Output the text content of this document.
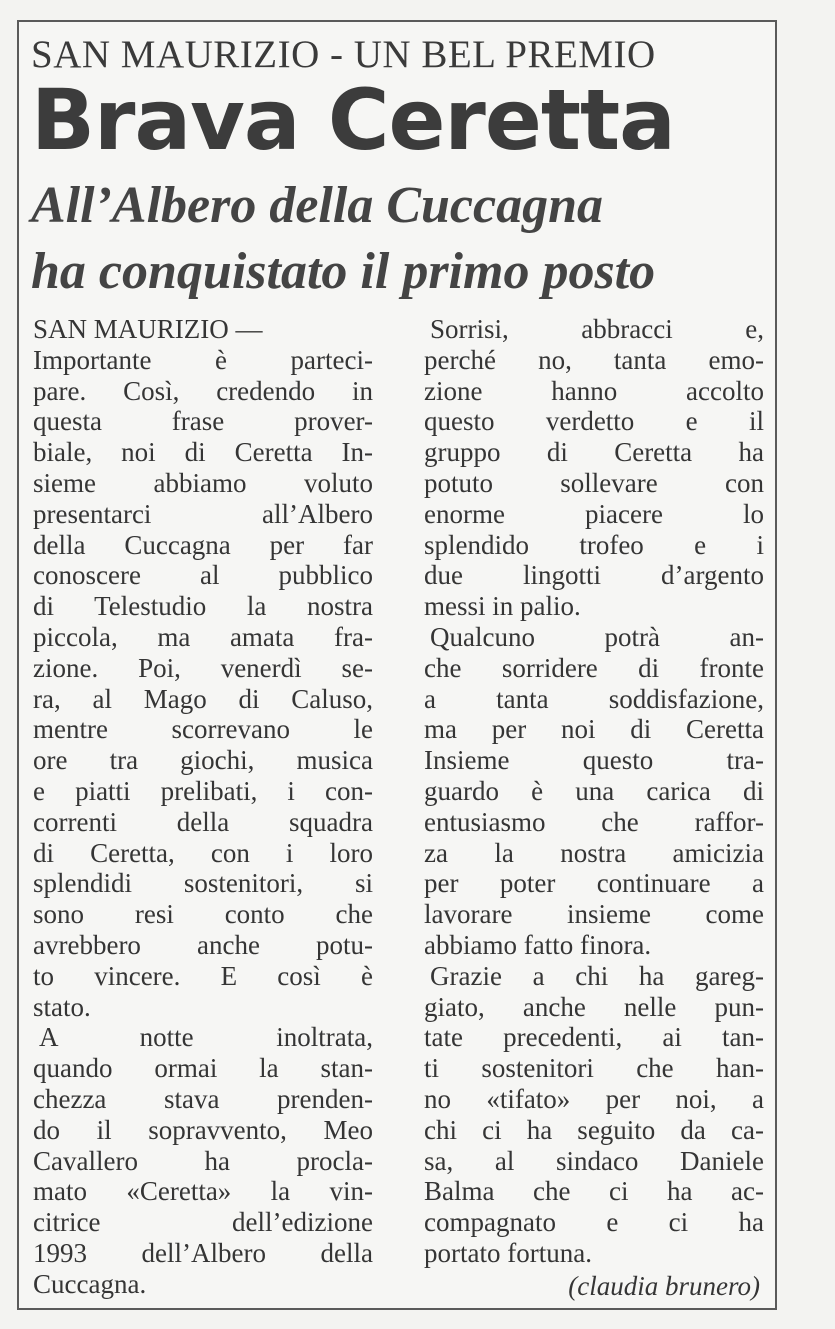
SAN MAURIZIO - UN BEL PREMIO
Brava Ceretta
All’Albero della Cuccagna
ha conquistato il primo posto
SAN MAURIZIO —
Importante è parteci-
pare. Così, credendo in
questa frase prover-
biale, noi di Ceretta In-
sieme abbiamo voluto
presentarci all’Albero
della Cuccagna per far
conoscere al pubblico
di Telestudio la nostra
piccola, ma amata fra-
zione. Poi, venerdì se-
ra, al Mago di Caluso,
mentre scorrevano le
ore tra giochi, musica
e piatti prelibati, i con-
correnti della squadra
di Ceretta, con i loro
splendidi sostenitori, si
sono resi conto che
avrebbero anche potu-
to vincere. E così è
stato.
A notte inoltrata,
quando ormai la stan-
chezza stava prenden-
do il sopravvento, Meo
Cavallero ha procla-
mato «Ceretta» la vin-
citrice dell’edizione
1993 dell’Albero della
Cuccagna.
Sorrisi, abbracci e,
perché no, tanta emo-
zione hanno accolto
questo verdetto e il
gruppo di Ceretta ha
potuto sollevare con
enorme piacere lo
splendido trofeo e i
due lingotti d’argento
messi in palio.
Qualcuno potrà an-
che sorridere di fronte
a tanta soddisfazione,
ma per noi di Ceretta
Insieme questo tra-
guardo è una carica di
entusiasmo che raffor-
za la nostra amicizia
per poter continuare a
lavorare insieme come
abbiamo fatto finora.
Grazie a chi ha gareg-
giato, anche nelle pun-
tate precedenti, ai tan-
ti sostenitori che han-
no «tifato» per noi, a
chi ci ha seguito da ca-
sa, al sindaco Daniele
Balma che ci ha ac-
compagnato e ci ha
portato fortuna.
(claudia brunero)
